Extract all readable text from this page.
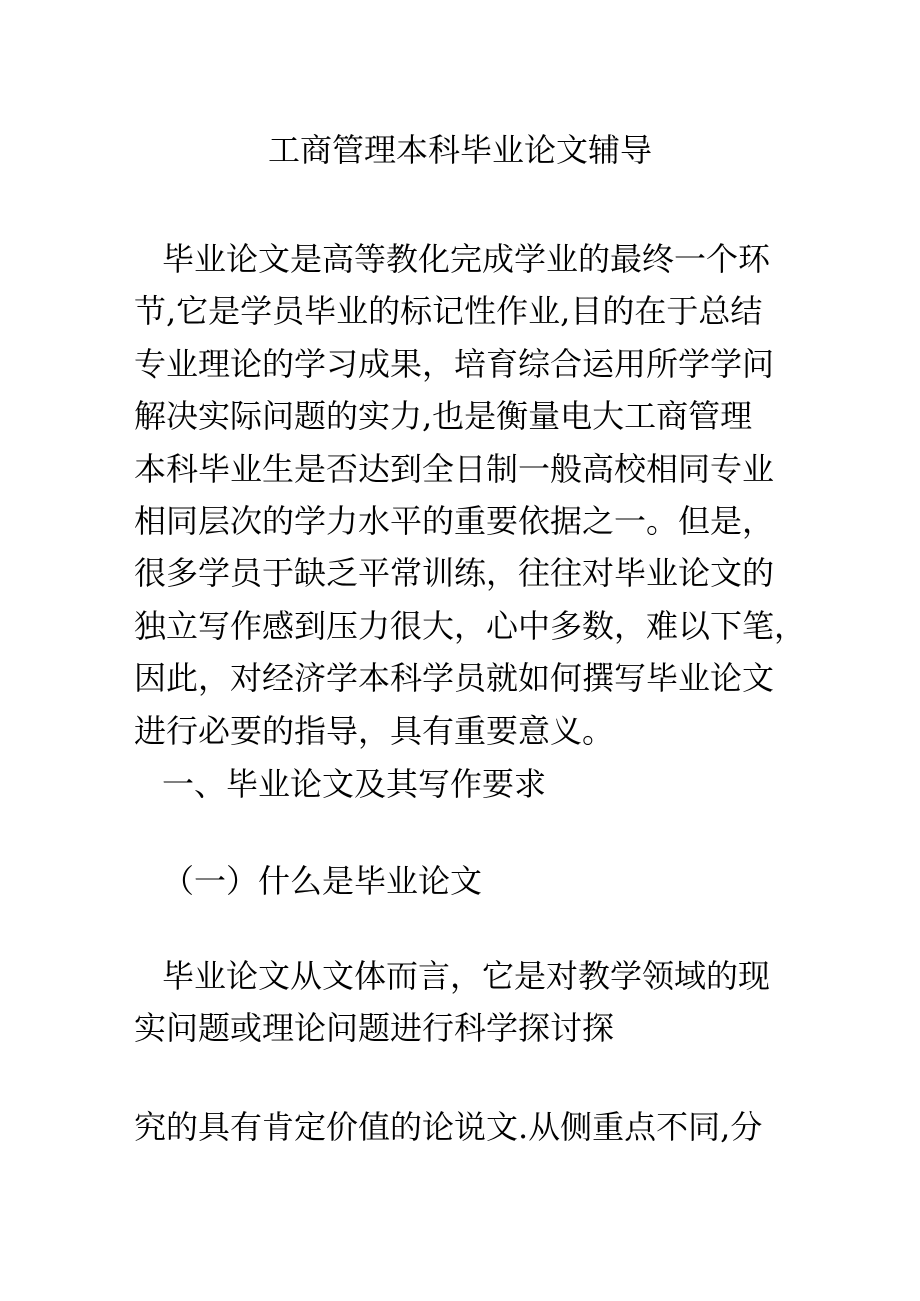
工商管理本科毕业论文辅导
毕业论文是高等教化完成学业的最终一个环
节,它是学员毕业的标记性作业,目的在于总结
专业理论的学习成果，培育综合运用所学学问
解决实际问题的实力,也是衡量电大工商管理
本科毕业生是否达到全日制一般高校相同专业
相同层次的学力水平的重要依据之一。但是，
很多学员于缺乏平常训练，往往对毕业论文的
独立写作感到压力很大，心中多数，难以下笔，
因此，对经济学本科学员就如何撰写毕业论文
进行必要的指导，具有重要意义。
一、毕业论文及其写作要求
（一）什么是毕业论文
毕业论文从文体而言，它是对教学领域的现
实问题或理论问题进行科学探讨探
究的具有肯定价值的论说文.从侧重点不同,分
